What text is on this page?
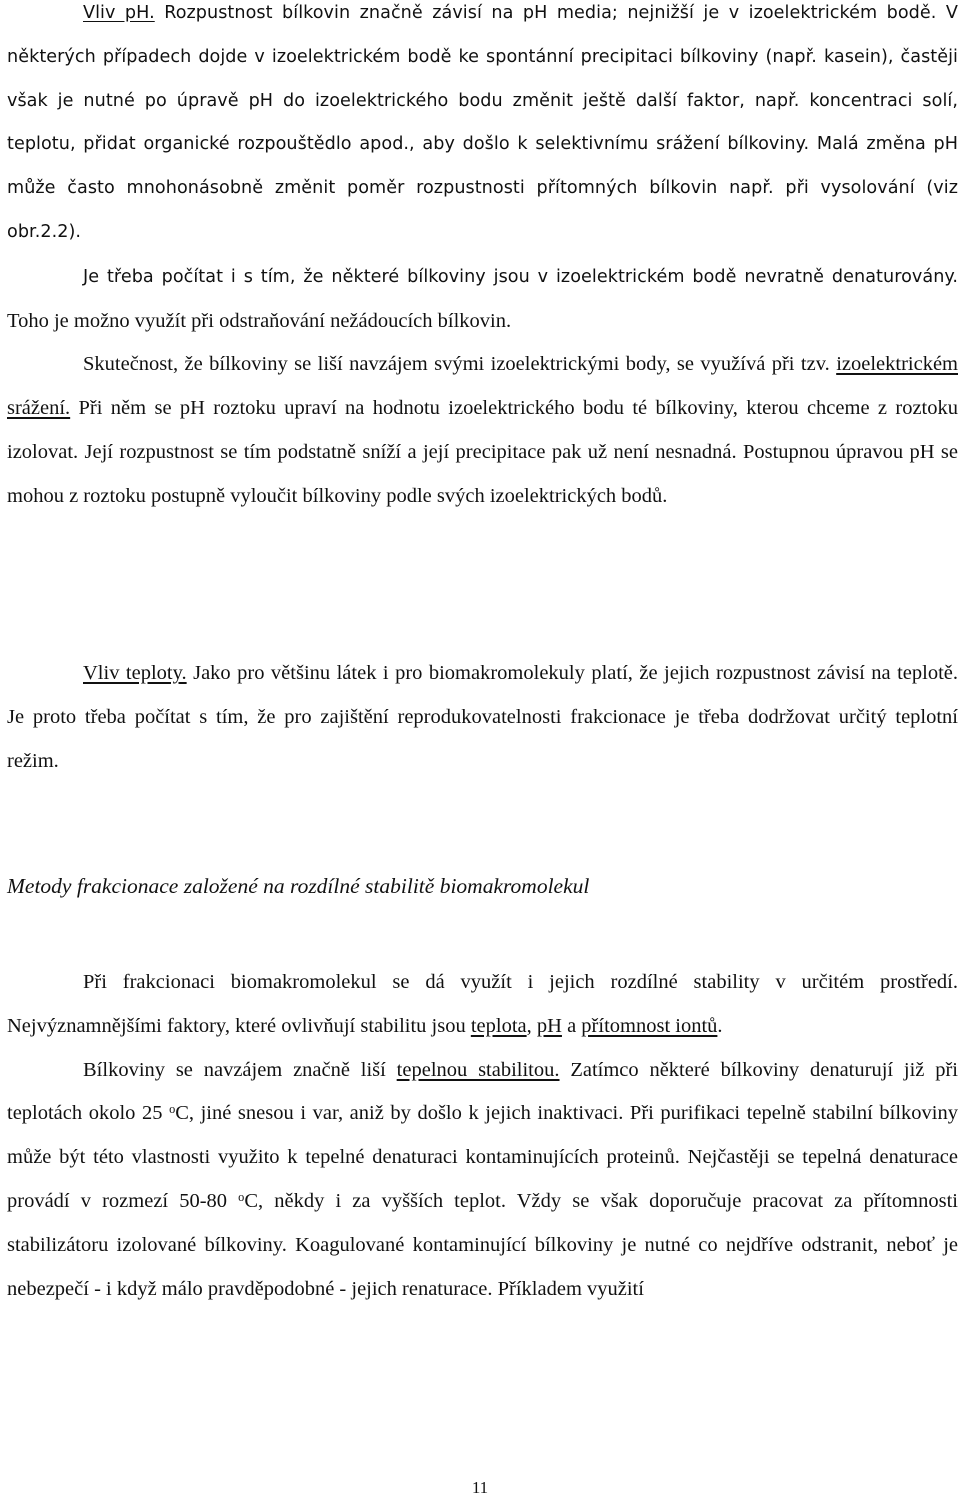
Vliv pH. Rozpustnost bílkovin značně závisí na pH media; nejnižší je v izoelektrickém bodě. V některých případech dojde v izoelektrickém bodě ke spontánní precipitaci bílkoviny (např. kasein), častěji však je nutné po úpravě pH do izoelektrického bodu změnit ještě další faktor, např. koncentraci solí, teplotu, přidat organické rozpouštědlo apod., aby došlo k selektivnímu srážení bílkoviny. Malá změna pH může často mnohonásobně změnit poměr rozpustnosti přítomných bílkovin např. při vysolování (viz obr.2.2).

Je třeba počítat i s tím, že některé bílkoviny jsou v izoelektrickém bodě nevratně denaturovány. Toho je možno využít při odstraňování nežádoucích bílkovin.

Skutečnost, že bílkoviny se liší navzájem svými izoelektrickými body, se využívá při tzv. izoelektrickém srážení. Při něm se pH roztoku upraví na hodnotu izoelektrického bodu té bílkoviny, kterou chceme z roztoku izolovat. Její rozpustnost se tím podstatně sníží a její precipitace pak už není nesnadná. Postupnou úpravou pH se mohou z roztoku postupně vyloučit bílkoviny podle svých izoelektrických bodů.

Vliv teploty. Jako pro většinu látek i pro biomakromolekuly platí, že jejich rozpustnost závisí na teplotě. Je proto třeba počítat s tím, že pro zajištění reprodukovatelnosti frakcionace je třeba dodržovat určitý teplotní režim.

Metody frakcionace založené na rozdílné stabilitě biomakromolekul

Při frakcionaci biomakromolekul se dá využít i jejich rozdílné stability v určitém prostředí. Nejvýznamnějšími faktory, které ovlivňují stabilitu jsou teplota, pH a přítomnost iontů.

Bílkoviny se navzájem značně liší tepelnou stabilitou. Zatímco některé bílkoviny denaturují již při teplotách okolo 25 $^o$C, jiné snesou i var, aniž by došlo k jejich inaktivaci. Při purifikaci tepelně stabilní bílkoviny může být této vlastnosti využito k tepelné denaturaci kontaminujících proteinů. Nejčastěji se tepelná denaturace provádí v rozmezí 50-80 $^o$C, někdy i za vyšších teplot. Vždy se však doporučuje pracovat za přítomnosti stabilizátoru izolované bílkoviny. Koagulované kontaminující bílkoviny je nutné co nejdříve odstranit, neboť je nebezpečí - i když málo pravděpodobné - jejich renaturace. Příkladem využití

11
